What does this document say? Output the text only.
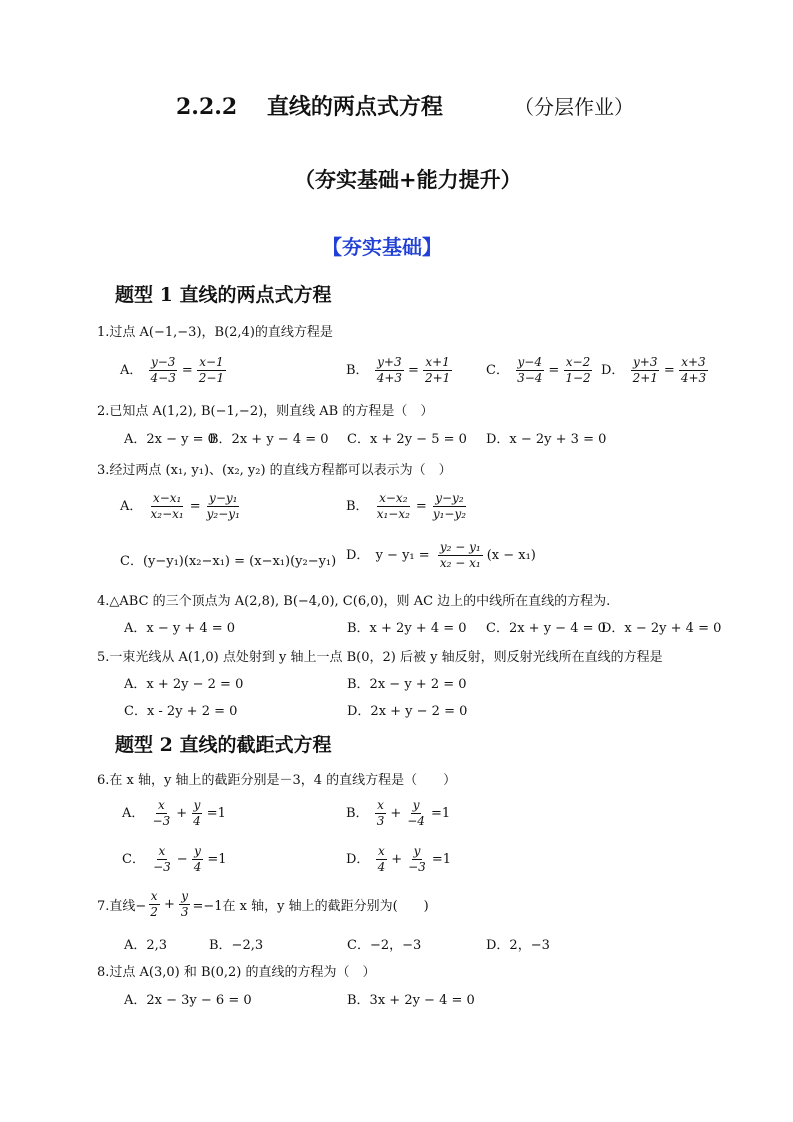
2.2.2 直线的两点式方程	（分层作业）
（夯实基础+能力提升）
【夯实基础】
题型 1 直线的两点式方程
1.过点 A(−1,−3)，B(2,4)的直线方程是
A． $\frac{y-3}{4-3} = \frac{x-1}{2-1}$	B． $\frac{y+3}{4+3} = \frac{x+1}{2+1}$	C． $\frac{y-4}{3-4} = \frac{x-2}{1-2}$ D． $\frac{y+3}{2+1} = \frac{x+3}{4+3}$
2.已知点 A(1,2), B(−1,−2)，则直线 AB 的方程是（　）
A．2x − y = 0
B．2x + y − 4 = 0 C．x + 2y − 5 = 0 D．x − 2y + 3 = 0
3.经过两点 (x₁, y₁)、(x₂, y₂) 的直线方程都可以表示为（　）
A． $\frac{\text{x−x₁}}{\text{x₂−x₁}} = \frac{\text{y−y₁}}{\text{y₂−y₁}}$	B． $\frac{\text{x−x₂}}{\text{x₁−x₂}} = \frac{\text{y−y₂}}{\text{y₁−y₂}}$
C．(y−y₁)(x₂−x₁) = (x−x₁)(y₂−y₁) D． $y - y_1 = \frac{\text{y₂ − y₁}}{\text{x₂ − x₁}} (x - x_1)$
4.△ABC 的三个顶点为 A(2,8), B(−4,0), C(6,0)，则 AC 边上的中线所在直线的方程为.
A．x − y + 4 = 0	B．x + 2y + 4 = 0 C．2x + y − 4 = 0
D．x − 2y + 4 = 0
5.一束光线从 A(1,0) 点处射到 y 轴上一点 B(0，2) 后被 y 轴反射，则反射光线所在直线的方程是
A．x + 2y − 2 = 0	B．2x − y + 2 = 0
C．x - 2y + 2 = 0	D．2x + y − 2 = 0
题型 2 直线的截距式方程
6.在 x 轴，y 轴上的截距分别是－3，4 的直线方程是（　　）
A． $\frac{x}{-3} + \frac{y}{4} =1$	B． $\frac{x}{3} + \frac{y}{-4} =1$
C． $\frac{x}{-3} - \frac{y}{4} =1$	D． $\frac{x}{4} + \frac{y}{-3} =1$
7.直线− $\frac{x}{2} + \frac{y}{3} =-1$在 x 轴，y 轴上的截距分别为(　　)
A．2,3	B．−2,3	C．−2，−3	D．2，−3
8.过点 A(3,0) 和 B(0,2) 的直线的方程为（　）
A．2x − 3y − 6 = 0	B．3x + 2y − 4 = 0
